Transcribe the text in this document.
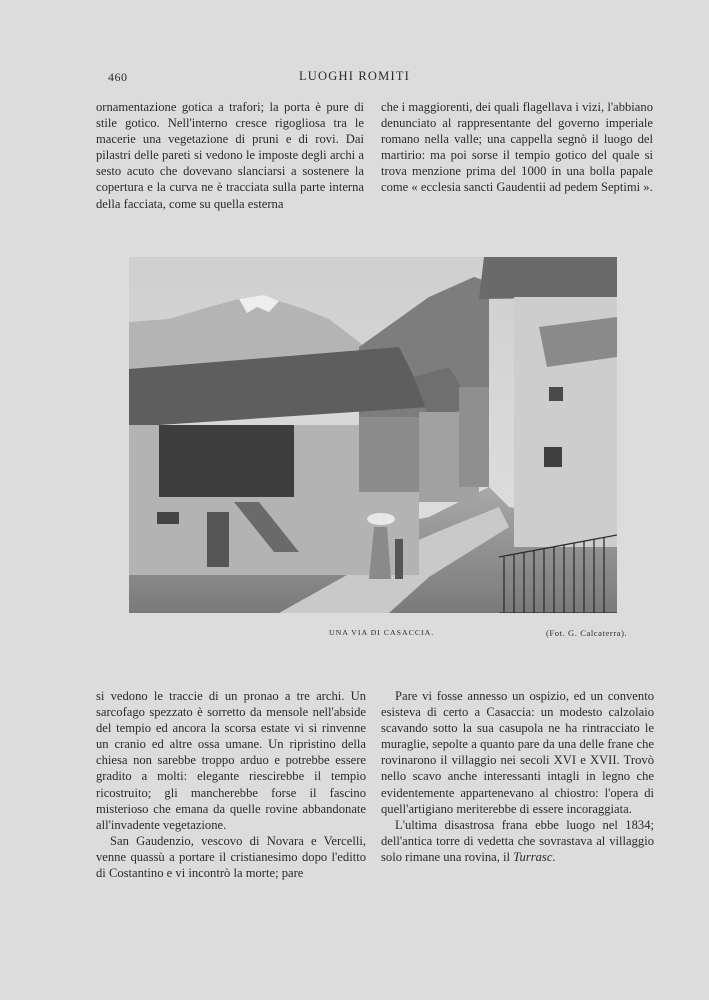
460	LUOGHI ROMITI

ornamentazione gotica a trafori; la porta è pure di stile gotico. Nell'interno cresce rigogliosa tra le macerie una vegetazione di pruni e di rovi. Dai pilastri delle pareti si vedono le imposte degli archi a sesto acuto che dovevano slanciarsi a sostenere la copertura e la curva ne è tracciata sulla parte interna della facciata, come su quella esterna

che i maggiorenti, dei quali flagellava i vizi, l'abbiano denunciato al rappresentante del governo imperiale romano nella valle; una cappella segnò il luogo del martirio: ma poi sorse il tempio gotico del quale si trova menzione prima del 1000 in una bolla papale come « ecclesia sancti Gaudentii ad pedem Septimi ».

UNA VIA DI CASACCIA.	(Fot. G. Calcaterra).

si vedono le traccie di un pronao a tre archi. Un sarcofago spezzato è sorretto da mensole nell'abside del tempio ed ancora la scorsa estate vi si rinvenne un cranio ed altre ossa umane. Un ripristino della chiesa non sarebbe troppo arduo e potrebbe essere gradito a molti: elegante riescirebbe il tempio ricostruito; gli mancherebbe forse il fascino misterioso che emana da quelle rovine abbandonate all'invadente vegetazione.

San Gaudenzio, vescovo di Novara e Vercelli, venne quassù a portare il cristianesimo dopo l'editto di Costantino e vi incontrò la morte; pare

Pare vi fosse annesso un ospizio, ed un convento esisteva di certo a Casaccia: un modesto calzolaio scavando sotto la sua casupola ne ha rintracciato le muraglie, sepolte a quanto pare da una delle frane che rovinarono il villaggio nei secoli XVI e XVII. Trovò nello scavo anche interessanti intagli in legno che evidentemente appartenevano al chiostro: l'opera di quell'artigiano meriterebbe di essere incoraggiata.

L'ultima disastrosa frana ebbe luogo nel 1834; dell'antica torre di vedetta che sovrastava al villaggio solo rimane una rovina, il Turrasc.
